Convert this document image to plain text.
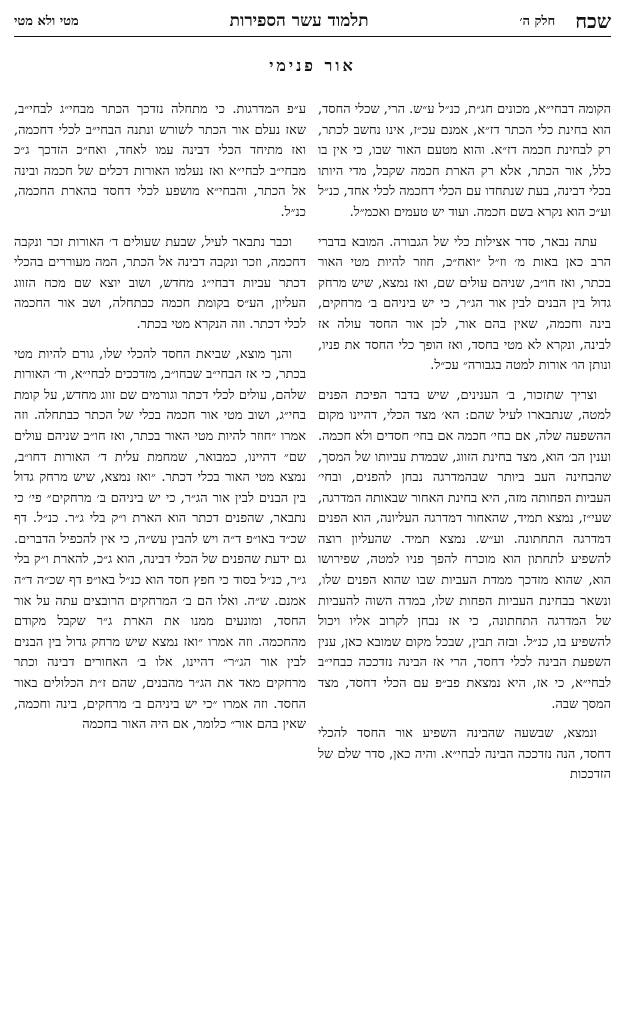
שכח
חלק ה׳
תלמוד עשר הספירות
מטי ולא מטי
אור פנימי

הקומה דבחי״א, מכונים חג״ת, כנ״ל ע״ש. הרי, שכלי החסד, הוא בחינת כלי הכתר דז״א, אמנם עכ״ז, אינו נחשב לכתר, רק לבחינת חכמה דז״א. והוא מטעם האור שבו, כי אין בו כלל, אור הכתר, אלא רק הארת חכמה שקבל, מדי היותו בכלי דבינה, בעת שנתחדו עם הכלי דחכמה לכלי אחד, כנ״ל וע״כ הוא נקרא בשם חכמה. ועוד יש טעמים ואכמ״ל.

עתה נבאר, סדר אצילות כלי של הגבורה. המובא בדברי הרב כאן באות מ׳ וז״ל ״ואח״כ, חוזר להיות מטי האור בכתר, ואז חו״ב, שניהם עולים שם, ואז נמצא, שיש מרחק גדול בין הבנים לבין אור הג״ר, כי יש ביניהם ב׳ מרחקים, בינה וחכמה, שאין בהם אור, לכן אור החסד עולה אז לבינה, ונקרא לא מטי בחסד, ואז הופך כלי החסד את פניו, ונותן הו׳ אורות למטה בגבורה״ עכ״ל.

וצריך שתזכור, ב׳ הענינים, שיש בדבר הפיכת הפנים למטה, שנתבארו לעיל שהם: הא׳ מצד הכלי, דהיינו מקום ההשפעה שלה, אם בחי׳ חכמה אם בחי׳ חסדים ולא חכמה. וענין הב׳ הוא, מצד בחינת הזווג, שבמדת עביותו של המסך, שהבחינה העב ביותר שבהמדרגה נבחן להפנים, ובחי׳ העביות הפחותה מזה, היא בחינת האחור שבאותה המדרגה, שעי״ז, נמצא תמיד, שהאחור דמדרגה העליונה, הוא הפנים דמדרגה התחתונה. וע״ש. נמצא תמיד. שהעליון רוצה להשפיע לתחתון הוא מוכרח להפך פניו למטה, שפירושו הוא, שהוא מזדכך ממדת העביות שבו שהוא הפנים שלו, ונשאר בבחינת העביות הפחות שלו, במדה השוה להעביות של המדרגה התחתונה, כי אז נבחן לקרוב אליו ויכול להשפיע בו, כנ״ל. ובזה תבין, שבכל מקום שמובא כאן, ענין השפעת הבינה לכלי דחסד, הרי אז הבינה נזדככה כבחי״ב לבחי״א, כי אז, היא נמצאת פב״פ עם הכלי דחסד, מצד המסך שבה.

ונמצא, שבשעה שהבינה השפיע אור החסד להכלי דחסד, הנה נזדככה הבינה לבחי״א. והיה כאן, סדר שלם של הזדככות

ע״פ המדרגות. כי מתחלה נזדכך הכתר מבחי״ג לבחי״ב, שאז נעלם אור הכתר לשורש ונתנה הבחי״ב לכלי דחכמה, ואז מתיחד הכלי דבינה עמו לאחד, ואח״כ הזדכך ג״כ מבחי״ב לבחי״א ואז נעלמו האורות דכלים של חכמה ובינה אל הכתר, והבחי״א מושפע לכלי דחסד בהארת החכמה, כנ״ל.

וכבר נתבאר לעיל, שבעת שעולים ד׳ האורות זכר ונקבה דחכמה, וזכר ונקבה דבינה אל הכתר, המה מעוררים בהכלי דכתר עביות דבחי״ג מחדש, ושוב יוצא שם מכח הזווג העליון, הע״ס בקומת חכמה כבתחלה, ושב אור החכמה לכלי דכתר. וזה הנקרא מטי בכתר.

והנך מוצא, שביאת החסד להכלי שלו, גורם להיות מטי בכתר, כי אז הבחי״ב שבחו״ב, מזדככים לבחי״א, וד׳ האורות שלהם, עולים לכלי דכתר וגורמים שם זווג מחדש, על קומת בחי״ג, ושוב מטי אור חכמה בכלי של הכתר כבתחלה. וזה אמרו ״חוזר להיות מטי האור בכתר, ואז חו״ב שניהם עולים שם״ דהיינו, כמבואר, שמחמת עלית ד׳ האורות דחו״ב, נמצא מטי האור בכלי דכתר. ״ואז נמצא, שיש מרחק גדול בין הבנים לבין אור הג״ר, כי יש ביניהם ב׳ מרחקים״ פי׳ כי נתבאר, שהפנים דכתר הוא הארת ו״ק בלי ג״ר. כנ״ל. דף שכ״ד באו״פ ד״ה ויש להבין עש״ה, כי אין להכפיל הדברים. גם ידעת שהפנים של הכלי דבינה, הוא ג״כ, להארת ו״ק בלי ג״ר, כנ״ל בסוד כי חפץ חסד הוא כנ״ל באו״פ דף שכ״ה ד״ה אמנם. ש״ה. ואלו הם ב׳ המרחקים הרובצים עתה על אור החסד, ומונעים ממנו את הארת ג״ר שקבל מקודם מהחכמה. וזה אמרו ״ואז נמצא שיש מרחק גדול בין הבנים לבין אור הג״ר״ דהיינו, אלו ב׳ האחורים דבינה וכתר מרחקים מאד את הג״ר מהבנים, שהם ז״ת הכלולים באור החסד. וזה אמרו ״כי יש ביניהם ב׳ מרחקים, בינה וחכמה, שאין בהם אור״ כלומר, אם היה האור בחכמה
